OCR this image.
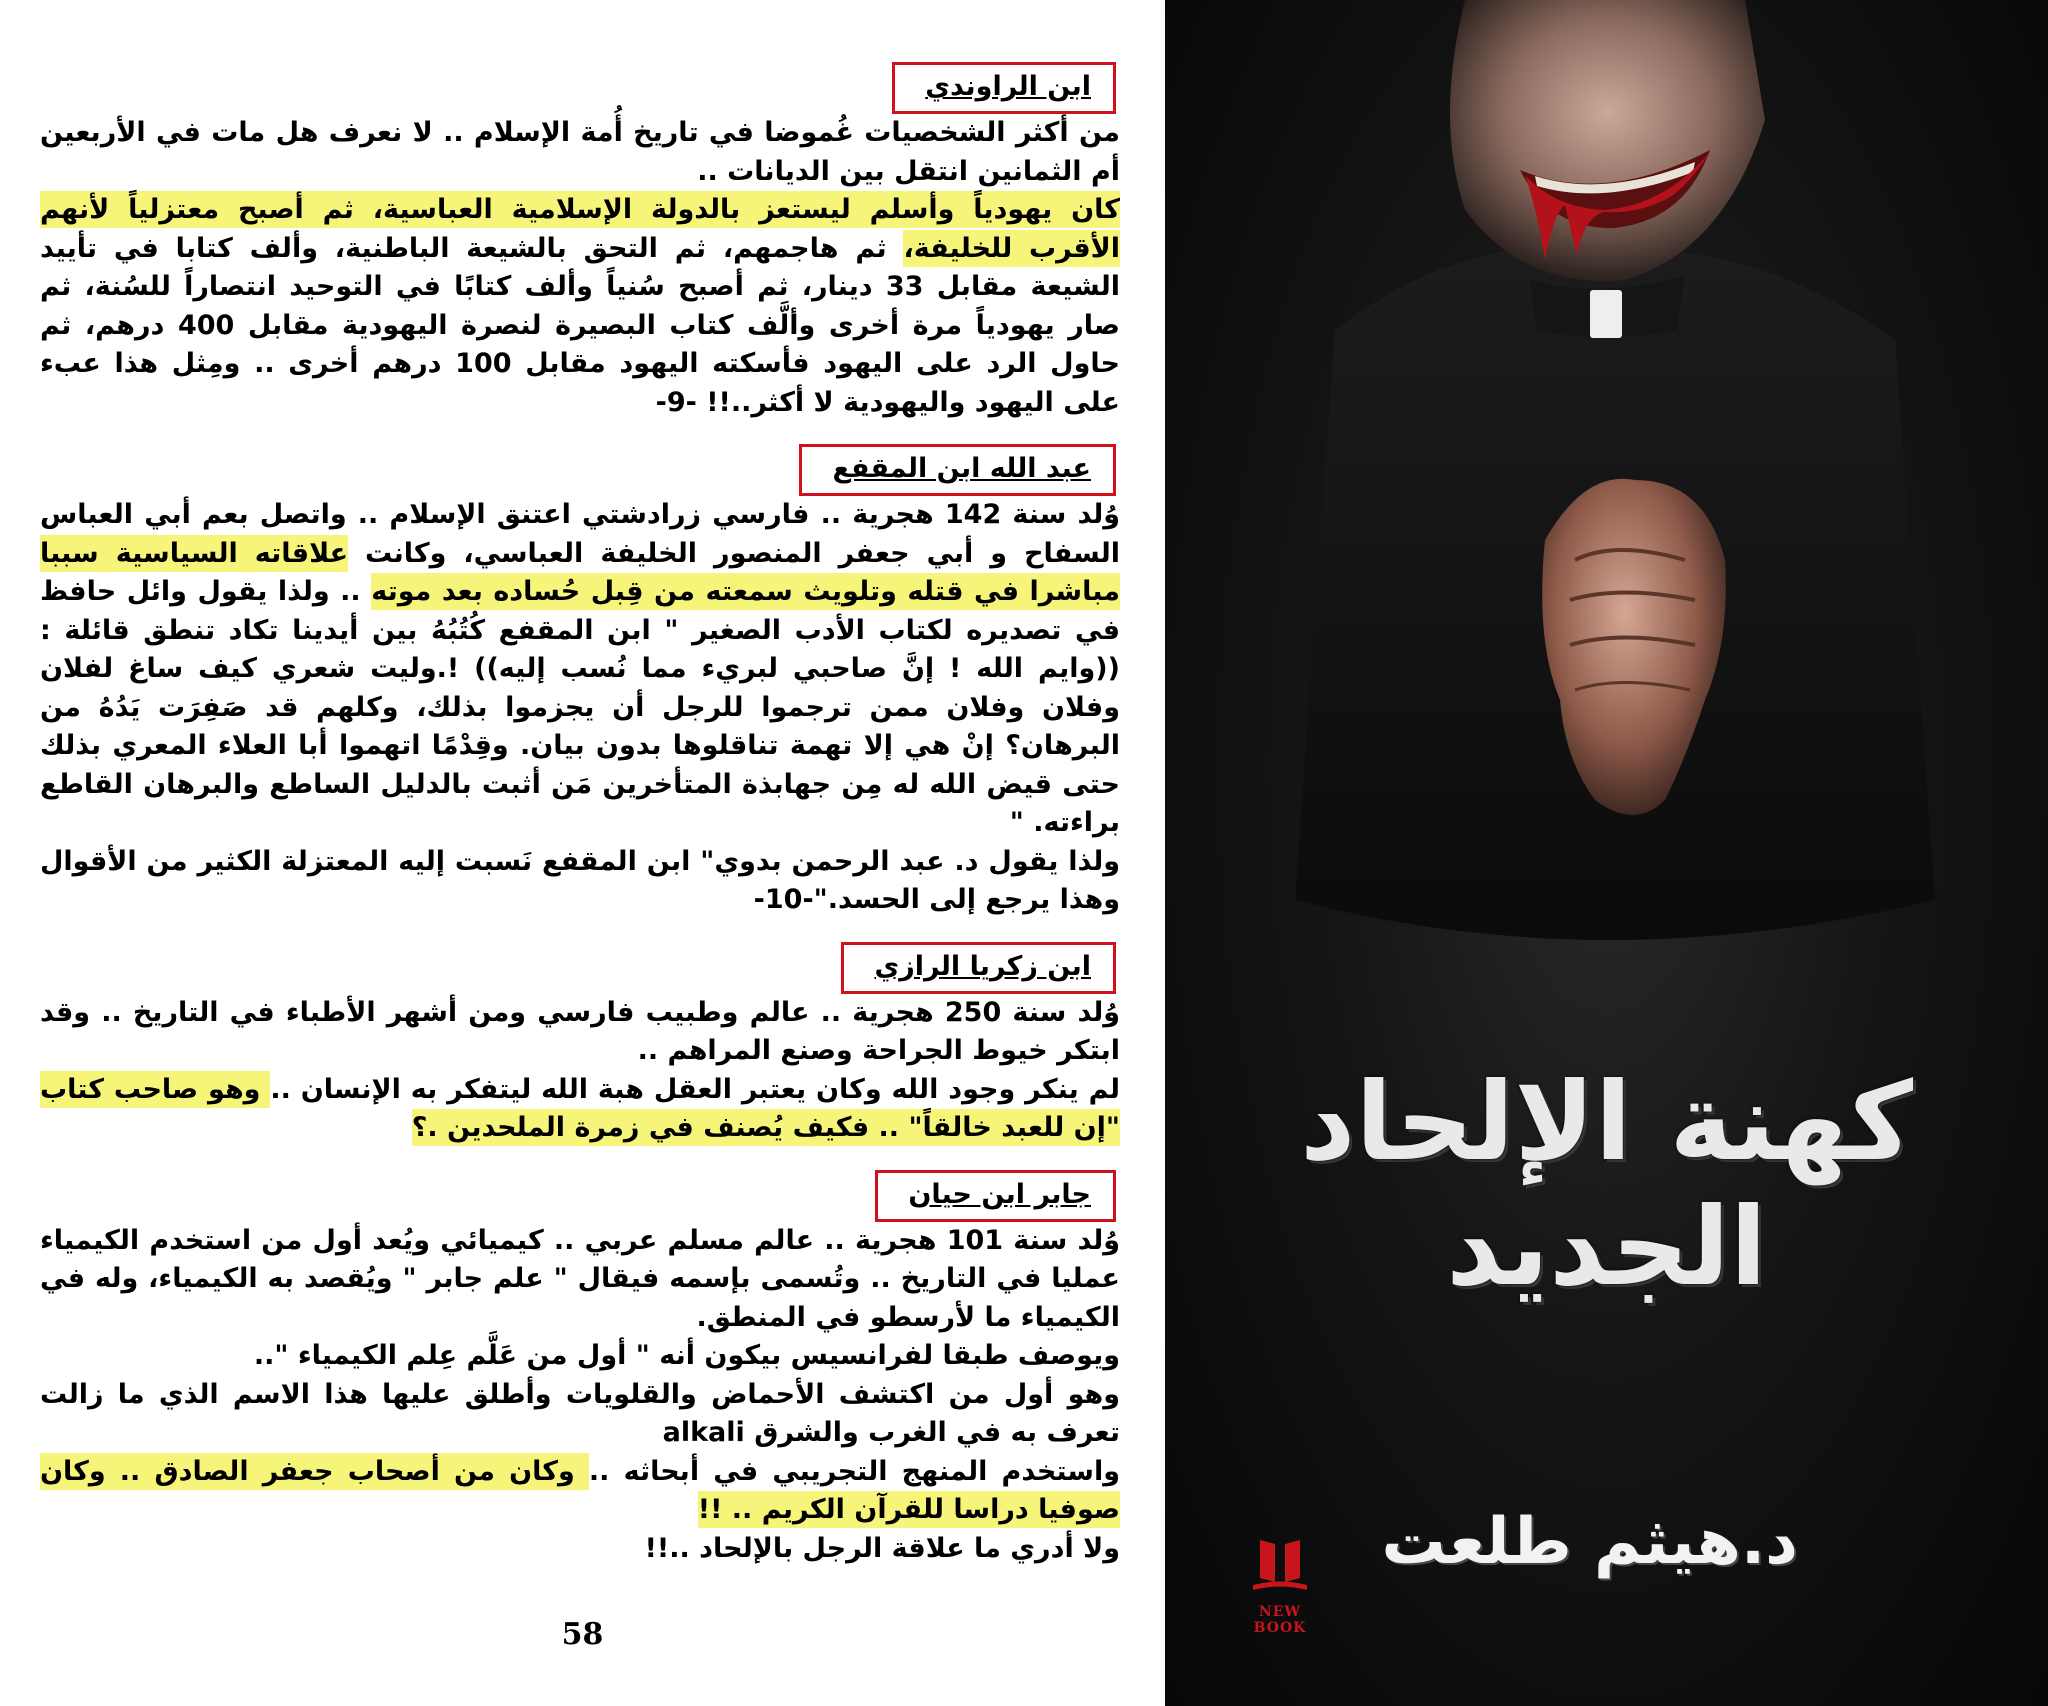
ابن الراوندي

من أكثر الشخصيات غُموضا في تاريخ أُمة الإسلام .. لا نعرف هل مات في الأربعين أم الثمانين انتقل بين الديانات ..

كان يهودياً وأسلم ليستعز بالدولة الإسلامية العباسية، ثم أصبح معتزلياً لأنهم الأقرب للخليفة، ثم هاجمهم، ثم التحق بالشيعة الباطنية، وألف كتابا في تأييد الشيعة مقابل 33 دينار، ثم أصبح سُنياً وألف كتابًا في التوحيد انتصاراً للسُنة، ثم صار يهودياً مرة أخرى وألَّف كتاب البصيرة لنصرة اليهودية مقابل 400 درهم، ثم حاول الرد على اليهود فأسكته اليهود مقابل 100 درهم أخرى .. ومِثل هذا عبء على اليهود واليهودية لا أكثر..!! -9-

عبد الله ابن المقفع

وُلد سنة 142 هجرية .. فارسي زرادشتي اعتنق الإسلام .. واتصل بعم أبي العباس السفاح و أبي جعفر المنصور الخليفة العباسي، وكانت علاقاته السياسية سببا مباشرا في قتله وتلويث سمعته من قِبل حُساده بعد موته .. ولذا يقول وائل حافظ في تصديره لكتاب الأدب الصغير " ابن المقفع كُتُبُهُ بين أيدينا تكاد تنطق قائلة : ((وايم الله ! إنَّ صاحبي لبريء مما نُسب إليه)) !.وليت شعري كيف ساغ لفلان وفلان وفلان ممن ترجموا للرجل أن يجزموا بذلك، وكلهم قد صَفِرَت يَدُهُ من البرهان؟ إنْ هي إلا تهمة تناقلوها بدون بيان. وقِدْمًا اتهموا أبا العلاء المعري بذلك حتى قيض الله له مِن جهابذة المتأخرين مَن أثبت بالدليل الساطع والبرهان القاطع براءته. "

ولذا يقول د. عبد الرحمن بدوي" ابن المقفع نَسبت إليه المعتزلة الكثير من الأقوال وهذا يرجع إلى الحسد."-10-

ابن زكريا الرازي

وُلد سنة 250 هجرية .. عالم وطبيب فارسي ومن أشهر الأطباء في التاريخ .. وقد ابتكر خيوط الجراحة وصنع المراهم ..

لم ينكر وجود الله وكان يعتبر العقل هبة الله ليتفكر به الإنسان .. وهو صاحب كتاب "إن للعبد خالقاً" .. فكيف يُصنف في زمرة الملحدين .؟

جابر ابن حيان

وُلد سنة 101 هجرية .. عالم مسلم عربي .. كيميائي ويُعد أول من استخدم الكيمياء عمليا في التاريخ .. وتُسمى بإسمه فيقال " علم جابر " ويُقصد به الكيمياء، وله في الكيمياء ما لأرسطو في المنطق.

ويوصف طبقا لفرانسيس بيكون أنه " أول من عَلَّم عِلم الكيمياء "..

وهو أول من اكتشف الأحماض والقلويات وأطلق عليها هذا الاسم الذي ما زالت تعرف به في الغرب والشرق alkali

واستخدم المنهج التجريبي في أبحاثه .. وكان من أصحاب جعفر الصادق .. وكان صوفيا دراسا للقرآن الكريم .. !!

ولا أدري ما علاقة الرجل بالإلحاد ..!!

58
كهنة الإلحاد الجديد
د.هيثم طلعت
NEW BOOK
